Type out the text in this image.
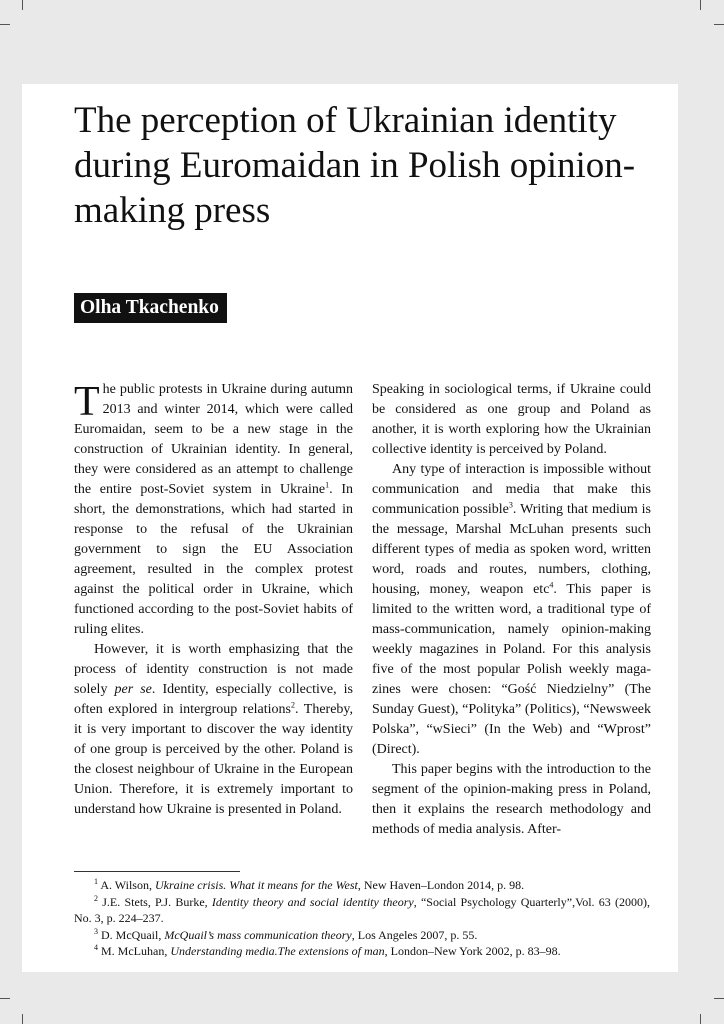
The perception of Ukrainian identity during Euromaidan in Polish opinion-making press
Olha Tkachenko

The public protests in Ukraine during autumn 2013 and winter 2014, which were called Euromaidan, seem to be a new stage in the construction of Ukrainian identity. In general, they were considered as an attempt to challenge the entire post-Soviet system in Ukraine$^1$. In short, the demonstrations, which had started in response to the refusal of the Ukrainian government to sign the EU Association agreement, resulted in the complex protest against the political order in Ukraine, which functioned according to the post-Soviet habits of ruling elites.

However, it is worth emphasizing that the process of identity construction is not made solely per se. Identity, especially collective, is often explored in intergroup relations$^2$. Thereby, it is very important to discover the way identity of one group is perceived by the other. Poland is the closest neighbour of Ukraine in the European Union. Therefore, it is extremely important to understand how Ukraine is presented in Poland.

Speaking in sociological terms, if Ukraine could be considered as one group and Poland as another, it is worth exploring how the Ukrainian collective identity is perceived by Poland.

Any type of interaction is impossible without communication and media that make this communication possible$^3$. Writing that medium is the message, Marshal McLuhan presents such different types of media as spoken word, written word, roads and routes, numbers, clothing, housing, money, weapon etc$^4$. This paper is limited to the written word, a traditional type of mass-communication, namely opinion-making weekly magazines in Poland. For this analysis five of the most popular Polish weekly magazines were chosen: “Gość Niedzielny” (The Sunday Guest), “Polityka” (Politics), “Newsweek Polska”, “wSieci” (In the Web) and “Wprost” (Direct).

This paper begins with the introduction to the segment of the opinion-making press in Poland, then it explains the research methodology and methods of media analysis. After-

$^1$ A. Wilson, Ukraine crisis. What it means for the West, New Haven–London 2014, p. 98.

$^2$ J.E. Stets, P.J. Burke, Identity theory and social identity theory, “Social Psychology Quarterly”,Vol. 63 (2000), No. 3, p. 224–237.

$^3$ D. McQuail, McQuail’s mass communication theory, Los Angeles 2007, p. 55.

$^4$ M. McLuhan, Understanding media.The extensions of man, London–New York 2002, p. 83–98.
